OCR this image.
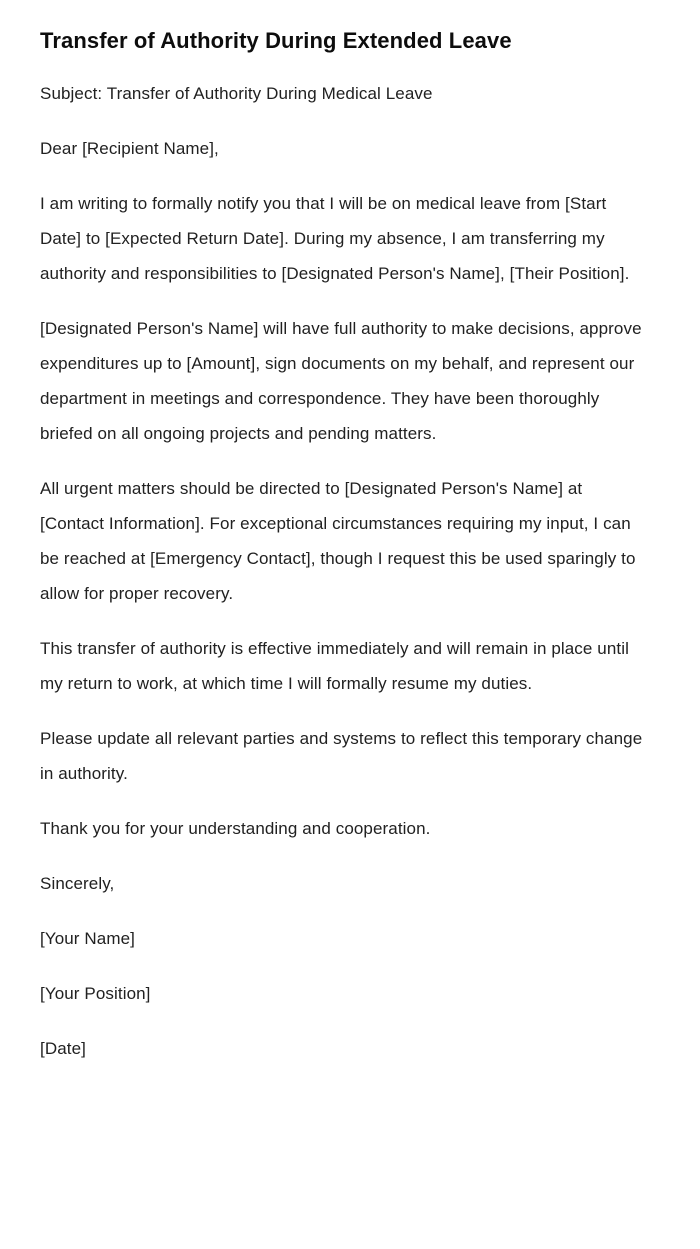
Transfer of Authority During Extended Leave

Subject: Transfer of Authority During Medical Leave

Dear [Recipient Name],

I am writing to formally notify you that I will be on medical leave from [Start Date] to [Expected Return Date]. During my absence, I am transferring my authority and responsibilities to [Designated Person's Name], [Their Position].

[Designated Person's Name] will have full authority to make decisions, approve expenditures up to [Amount], sign documents on my behalf, and represent our department in meetings and correspondence. They have been thoroughly briefed on all ongoing projects and pending matters.

All urgent matters should be directed to [Designated Person's Name] at [Contact Information]. For exceptional circumstances requiring my input, I can be reached at [Emergency Contact], though I request this be used sparingly to allow for proper recovery.

This transfer of authority is effective immediately and will remain in place until my return to work, at which time I will formally resume my duties.

Please update all relevant parties and systems to reflect this temporary change in authority.

Thank you for your understanding and cooperation.

Sincerely,

[Your Name]

[Your Position]

[Date]
